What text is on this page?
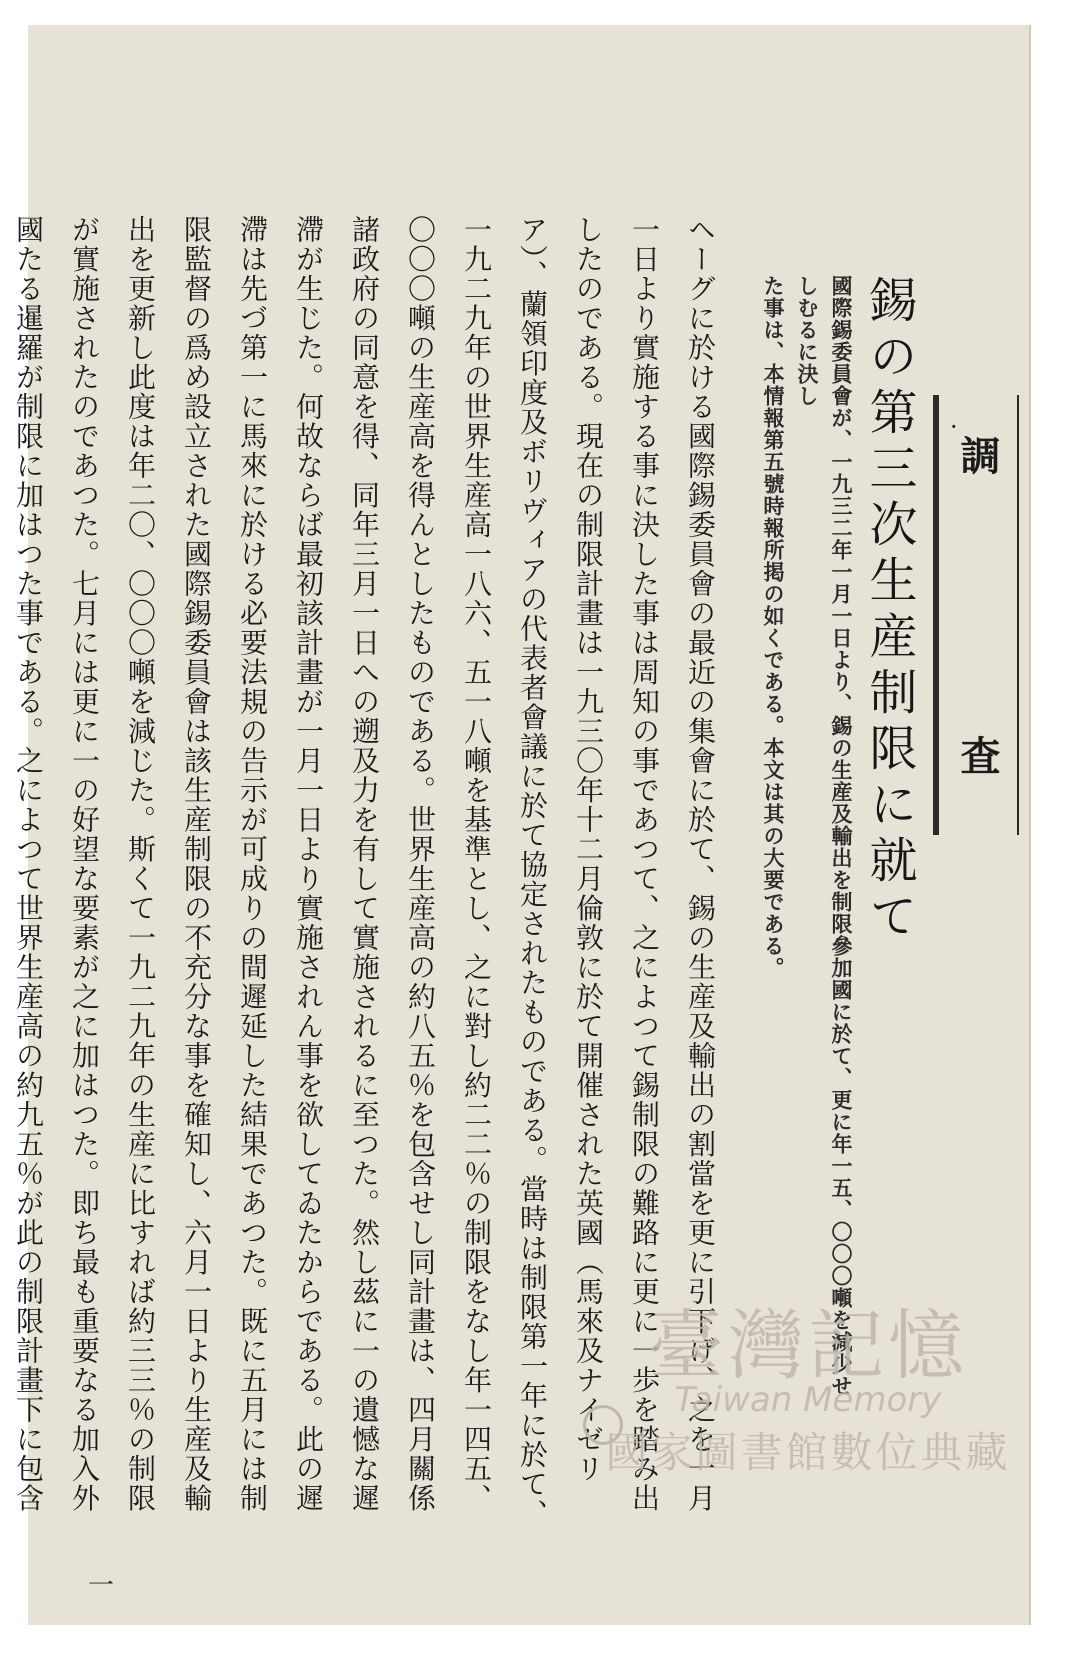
·
調　査
錫の第三次生産制限に就て
國際錫委員會が、一九三二年一月一日より、錫の生産及輸出を制限參加國に於て、更に年一五、〇〇〇噸を減少せしむるに決し
た事は、本情報第五號時報所掲の如くである。本文は其の大要である。
ヘーグに於ける國際錫委員會の最近の集會に於て、錫の生産及輸出の割當を更に引下げ、之を一月一日より實施する事に決した事は周知の事であつて、之によつて錫制限の難路に更に一歩を踏み出したのである。現在の制限計畫は一九三〇年十二月倫敦に於て開催された英國（馬來及ナイゼリア）、蘭領印度及ボリヴィアの代表者會議に於て協定されたものである。當時は制限第一年に於て、一九二九年の世界生産高一八六、五一八噸を基準とし、之に對し約二二％の制限をなし年一四五、〇〇〇噸の生産高を得んとしたものである。世界生産高の約八五％を包含せし同計畫は、四月關係諸政府の同意を得、同年三月一日への遡及力を有して實施されるに至つた。然し茲に一の遺憾な遲滯が生じた。何故ならば最初該計畫が一月一日より實施されん事を欲してゐたからである。此の遲滯は先づ第一に馬來に於ける必要法規の告示が可成りの間遲延した結果であつた。既に五月には制限監督の爲め設立された國際錫委員會は該生産制限の不充分な事を確知し、六月一日より生産及輸出を更新し此度は年二〇、〇〇〇噸を減じた。斯くて一九二九年の生産に比すれば約三三％の制限が實施されたのであつた。七月には更に一の好望な要素が之に加はつた。即ち最も重要なる加入外國たる暹羅が制限に加はつた事である。之によつて世界生産高の約九五％が此の制限計畫下に包含
一
臺灣記憶
Taiwan Memory
國家圖書館數位典藏
